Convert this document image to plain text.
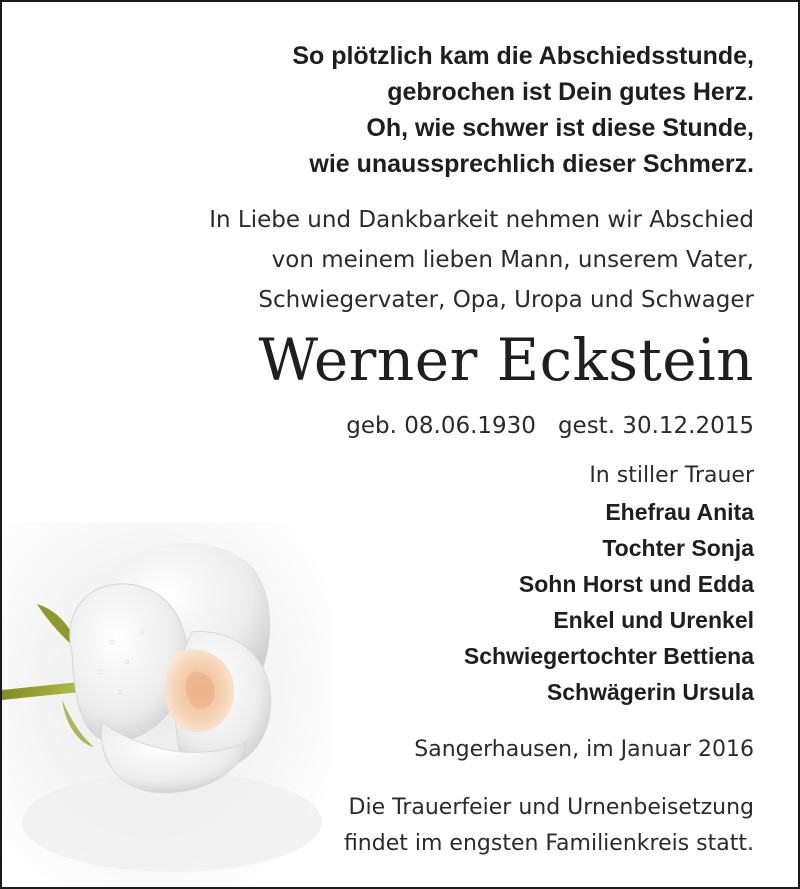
So plötzlich kam die Abschiedsstunde,
gebrochen ist Dein gutes Herz.
Oh, wie schwer ist diese Stunde,
wie unaussprechlich dieser Schmerz.
In Liebe und Dankbarkeit nehmen wir Abschied
von meinem lieben Mann, unserem Vater,
Schwiegervater, Opa, Uropa und Schwager
Werner Eckstein
geb. 08.06.1930 gest. 30.12.2015
In stiller Trauer
Ehefrau Anita
Tochter Sonja
Sohn Horst und Edda
Enkel und Urenkel
Schwiegertochter Bettiena
Schwägerin Ursula
Sangerhausen, im Januar 2016
Die Trauerfeier und Urnenbeisetzung
findet im engsten Familienkreis statt.
